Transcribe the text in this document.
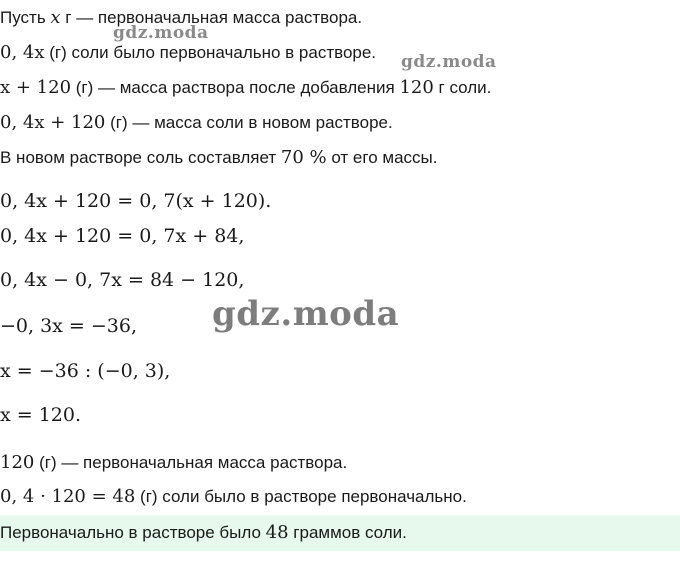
Пусть x г — первоначальная масса раствора.
0, 4x (г) соли было первоначально в растворе.
x + 120 (г) — масса раствора после добавления 120 г соли.
0, 4x + 120 (г) — масса соли в новом растворе.
В новом растворе соль составляет 70 % от его массы.
0, 4x + 120 = 0, 7(x + 120).
0, 4x + 120 = 0, 7x + 84,
0, 4x − 0, 7x = 84 − 120,
−0, 3x = −36,
x = −36 : (−0, 3),
x = 120.
120 (г) — первоначальная масса раствора.
0, 4 · 120 = 48 (г) соли было в растворе первоначально.
Первоначально в растворе было 48 граммов соли.
gdz.moda
gdz.moda
gdz.moda
